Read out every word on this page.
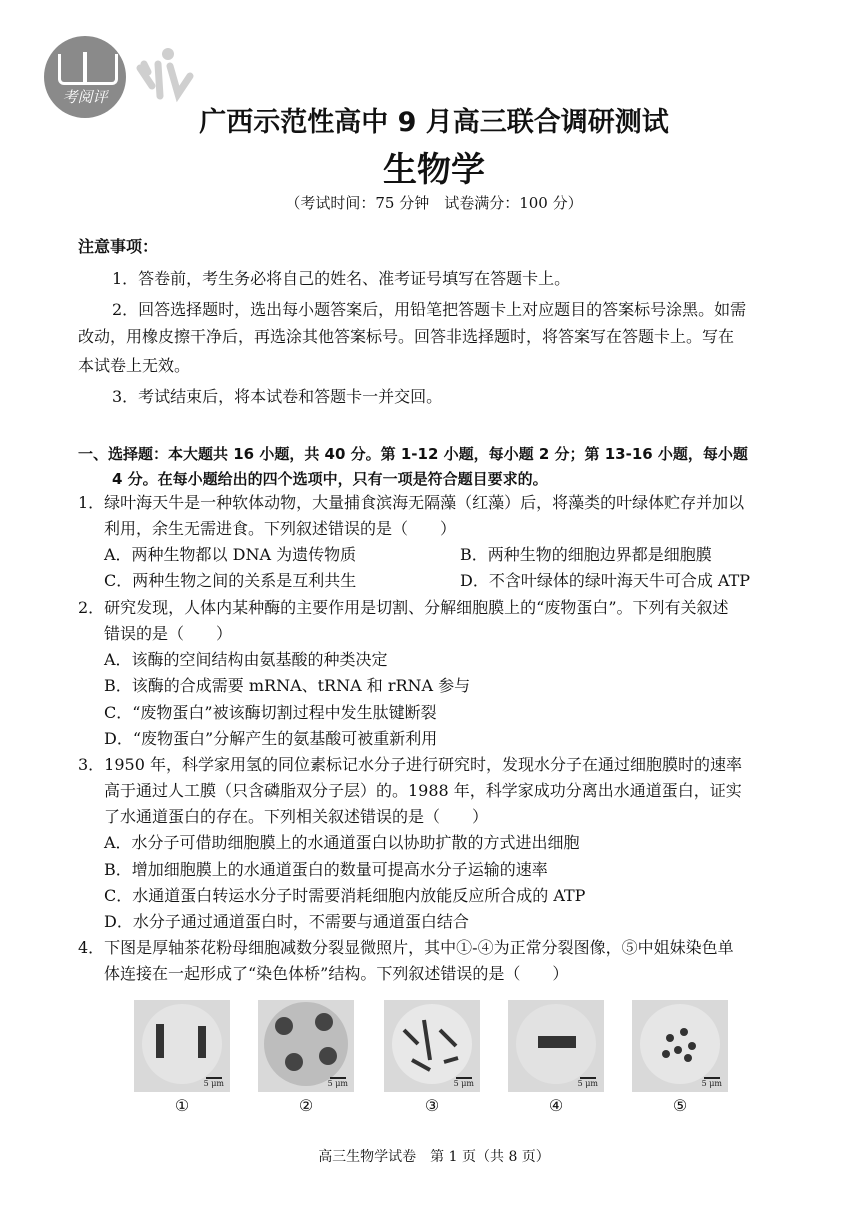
考阅评
广西示范性高中 9 月高三联合调研测试
生物学
（考试时间：75 分钟　试卷满分：100 分）
注意事项：
1．答卷前，考生务必将自己的姓名、准考证号填写在答题卡上。
2．回答选择题时，选出每小题答案后，用铅笔把答题卡上对应题目的答案标号涂黑。如需
改动，用橡皮擦干净后，再选涂其他答案标号。回答非选择题时，将答案写在答题卡上。写在
本试卷上无效。
3．考试结束后，将本试卷和答题卡一并交回。
一、选择题：本大题共 16 小题，共 40 分。第 1-12 小题，每小题 2 分；第 13-16 小题，每小题
4 分。在每小题给出的四个选项中，只有一项是符合题目要求的。
1．绿叶海天牛是一种软体动物，大量捕食滨海无隔藻（红藻）后，将藻类的叶绿体贮存并加以
利用，余生无需进食。下列叙述错误的是（　　）
A．两种生物都以 DNA 为遗传物质	B．两种生物的细胞边界都是细胞膜
C．两种生物之间的关系是互利共生	D．不含叶绿体的绿叶海天牛可合成 ATP
2．研究发现，人体内某种酶的主要作用是切割、分解细胞膜上的“废物蛋白”。下列有关叙述
错误的是（　　）
A．该酶的空间结构由氨基酸的种类决定
B．该酶的合成需要 mRNA、tRNA 和 rRNA 参与
C．“废物蛋白”被该酶切割过程中发生肽键断裂
D．“废物蛋白”分解产生的氨基酸可被重新利用
3．1950 年，科学家用氢的同位素标记水分子进行研究时，发现水分子在通过细胞膜时的速率
高于通过人工膜（只含磷脂双分子层）的。1988 年，科学家成功分离出水通道蛋白，证实
了水通道蛋白的存在。下列相关叙述错误的是（　　）
A．水分子可借助细胞膜上的水通道蛋白以协助扩散的方式进出细胞
B．增加细胞膜上的水通道蛋白的数量可提高水分子运输的速率
C．水通道蛋白转运水分子时需要消耗细胞内放能反应所合成的 ATP
D．水分子通过通道蛋白时，不需要与通道蛋白结合
4．下图是厚轴茶花粉母细胞减数分裂显微照片，其中①-④为正常分裂图像，⑤中姐妹染色单
体连接在一起形成了“染色体桥”结构。下列叙述错误的是（　　）
5 μm	5 μm	5 μm	5 μm	5 μm
①	②	③	④	⑤
高三生物学试卷　第 1 页（共 8 页）
